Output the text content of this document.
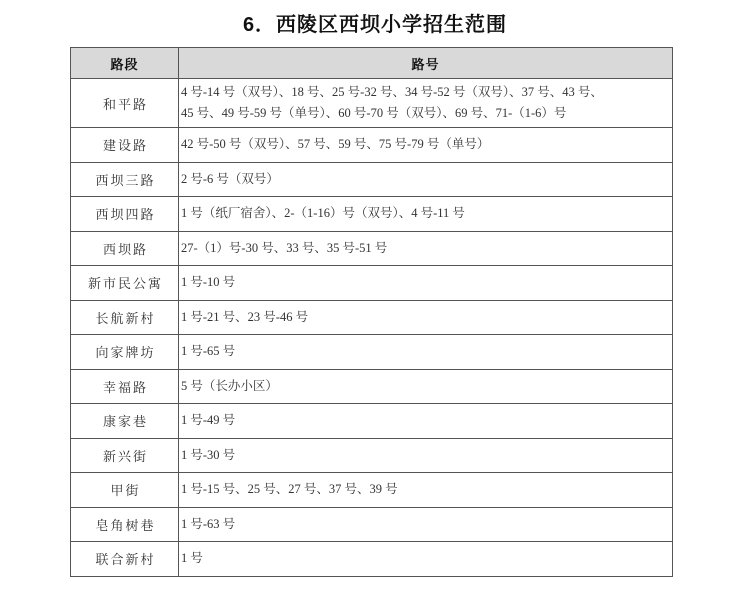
6．西陵区西坝小学招生范围
路段	路号
和平路	4 号-14 号（双号）、18 号、25 号-32 号、34 号-52 号（双号）、37 号、43 号、
45 号、49 号-59 号（单号）、60 号-70 号（双号）、69 号、71-（1-6）号

建设路	42 号-50 号（双号）、57 号、59 号、75 号-79 号（单号）

西坝三路	2 号-6 号（双号）

西坝四路	1 号（纸厂宿舍）、2-（1-16）号（双号）、4 号-11 号

西坝路	27-（1）号-30 号、33 号、35 号-51 号

新市民公寓	1 号-10 号

长航新村	1 号-21 号、23 号-46 号

向家牌坊	1 号-65 号

幸福路	5 号（长办小区）

康家巷	1 号-49 号

新兴街	1 号-30 号

甲街	1 号-15 号、25 号、27 号、37 号、39 号

皂角树巷	1 号-63 号

联合新村	1 号
